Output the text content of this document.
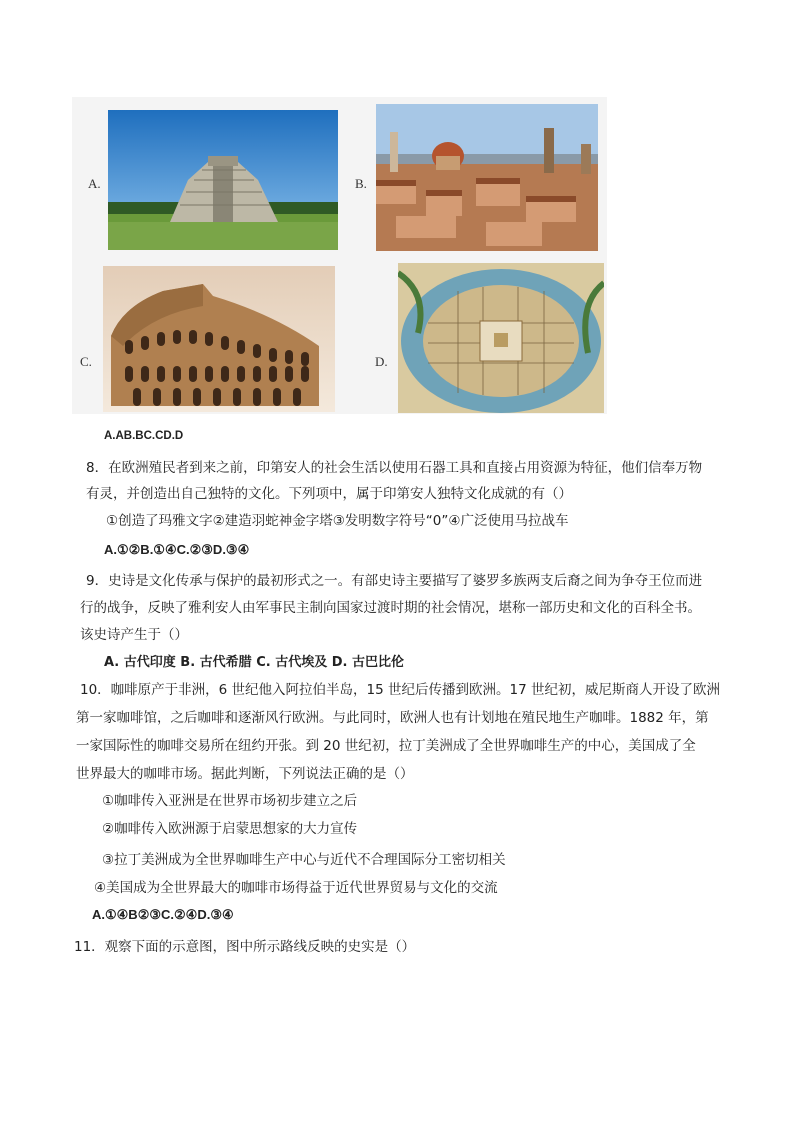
A.	B.
C.	D.
A.AB.BC.CD.D
8．在欧洲殖民者到来之前，印第安人的社会生活以使用石器工具和直接占用资源为特征，他们信奉万物
有灵，并创造出自己独特的文化。下列项中，属于印第安人独特文化成就的有（）
①创造了玛雅文字②建造羽蛇神金字塔③发明数字符号“0”④广泛使用马拉战车
A.①②B.①④C.②③D.③④
9．史诗是文化传承与保护的最初形式之一。有部史诗主要描写了婆罗多族两支后裔之间为争夺王位而进
行的战争，反映了雅利安人由军事民主制向国家过渡时期的社会情况，堪称一部历史和文化的百科全书。
该史诗产生于（）
A. 古代印度 B. 古代希腊 C. 古代埃及 D. 古巴比伦
10．咖啡原产于非洲，6 世纪他入阿拉伯半岛，15 世纪后传播到欧洲。17 世纪初，威尼斯商人开设了欧洲
第一家咖啡馆，之后咖啡和逐渐风行欧洲。与此同时，欧洲人也有计划地在殖民地生产咖啡。1882 年，第
一家国际性的咖啡交易所在纽约开张。到 20 世纪初，拉丁美洲成了全世界咖啡生产的中心，美国成了全
世界最大的咖啡市场。据此判断，下列说法正确的是（）
①咖啡传入亚洲是在世界市场初步建立之后
②咖啡传入欧洲源于启蒙思想家的大力宣传
③拉丁美洲成为全世界咖啡生产中心与近代不合理国际分工密切相关
④美国成为全世界最大的咖啡市场得益于近代世界贸易与文化的交流
A.①④B②③C.②④D.③④
11．观察下面的示意图，图中所示路线反映的史实是（）
